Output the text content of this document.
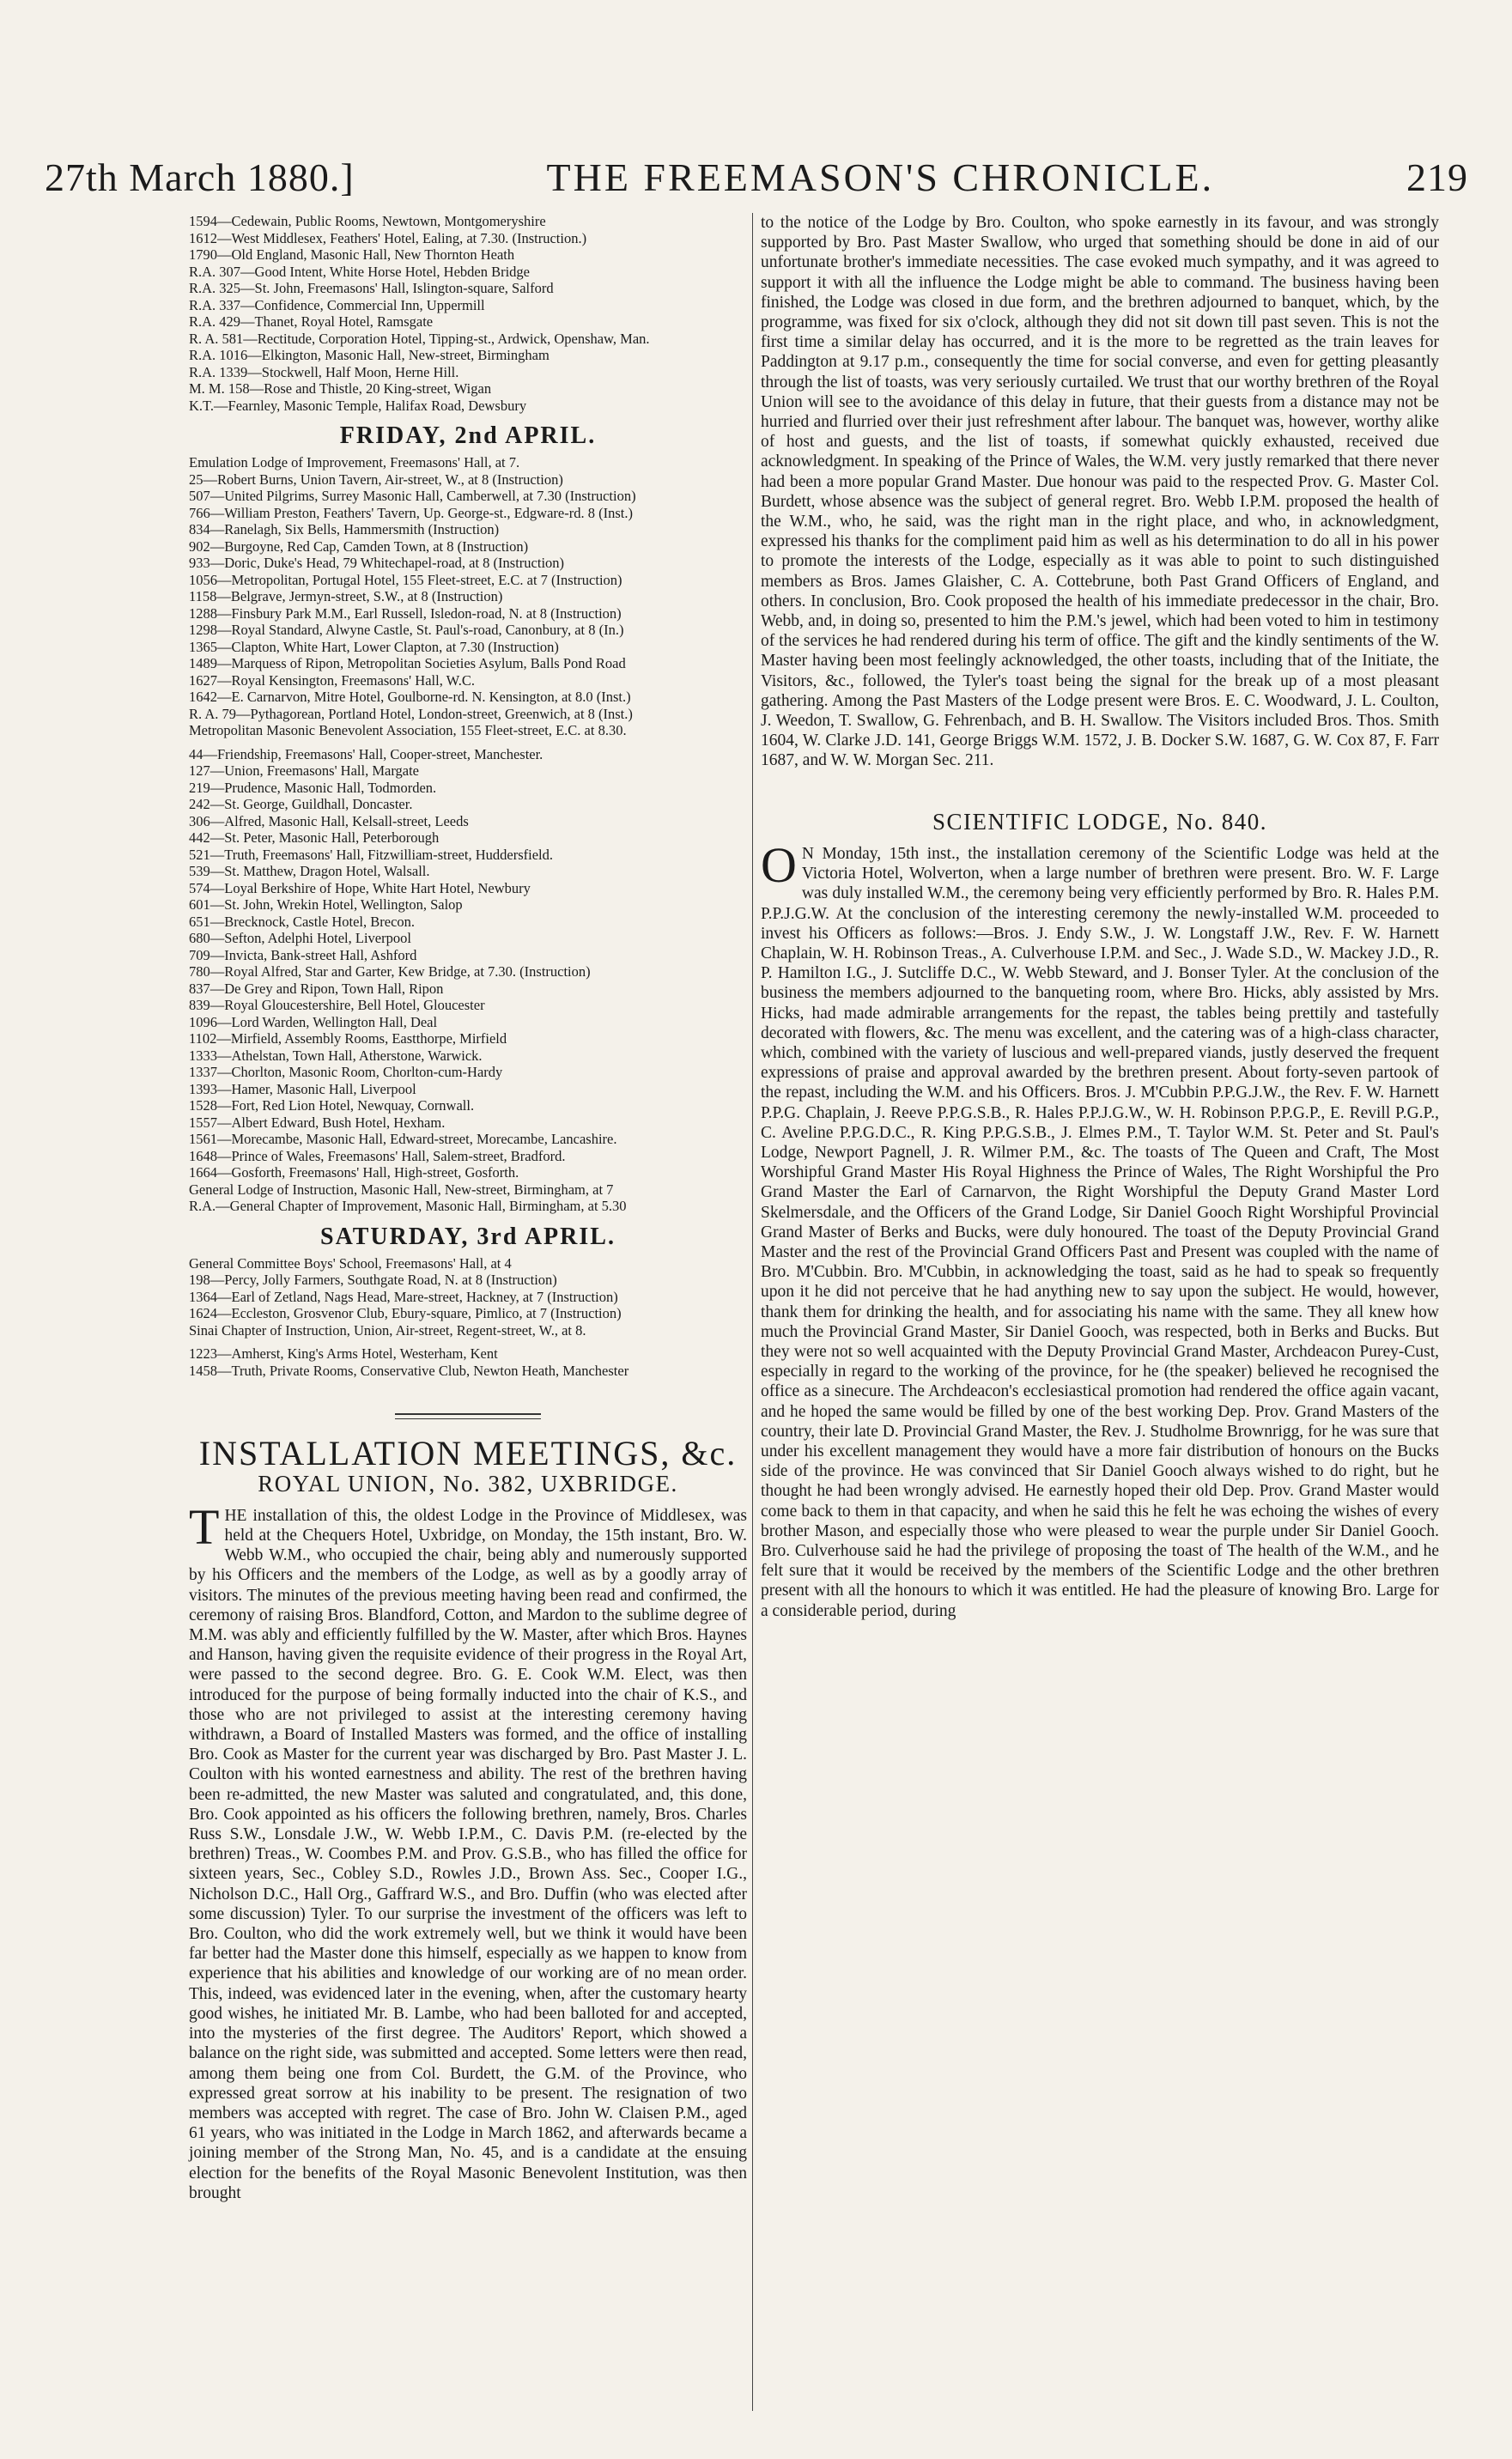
27th March 1880.]	THE FREEMASON'S CHRONICLE.	219
1594—Cedewain, Public Rooms, Newtown, Montgomeryshire
1612—West Middlesex, Feathers' Hotel, Ealing, at 7.30. (Instruction.)
1790—Old England, Masonic Hall, New Thornton Heath
R.A. 307—Good Intent, White Horse Hotel, Hebden Bridge
R.A. 325—St. John, Freemasons' Hall, Islington-square, Salford
R.A. 337—Confidence, Commercial Inn, Uppermill
R.A. 429—Thanet, Royal Hotel, Ramsgate
R. A. 581—Rectitude, Corporation Hotel, Tipping-st., Ardwick, Openshaw, Man.
R.A. 1016—Elkington, Masonic Hall, New-street, Birmingham
R.A. 1339—Stockwell, Half Moon, Herne Hill.
M. M. 158—Rose and Thistle, 20 King-street, Wigan
K.T.—Fearnley, Masonic Temple, Halifax Road, Dewsbury
FRIDAY, 2nd APRIL.
Emulation Lodge of Improvement, Freemasons' Hall, at 7.
25—Robert Burns, Union Tavern, Air-street, W., at 8 (Instruction)
507—United Pilgrims, Surrey Masonic Hall, Camberwell, at 7.30 (Instruction)
766—William Preston, Feathers' Tavern, Up. George-st., Edgware-rd. 8 (Inst.)
834—Ranelagh, Six Bells, Hammersmith (Instruction)
902—Burgoyne, Red Cap, Camden Town, at 8 (Instruction)
933—Doric, Duke's Head, 79 Whitechapel-road, at 8 (Instruction)
1056—Metropolitan, Portugal Hotel, 155 Fleet-street, E.C. at 7 (Instruction)
1158—Belgrave, Jermyn-street, S.W., at 8 (Instruction)
1288—Finsbury Park M.M., Earl Russell, Isledon-road, N. at 8 (Instruction)
1298—Royal Standard, Alwyne Castle, St. Paul's-road, Canonbury, at 8 (In.)
1365—Clapton, White Hart, Lower Clapton, at 7.30 (Instruction)
1489—Marquess of Ripon, Metropolitan Societies Asylum, Balls Pond Road
1627—Royal Kensington, Freemasons' Hall, W.C.
1642—E. Carnarvon, Mitre Hotel, Goulborne-rd. N. Kensington, at 8.0 (Inst.)
R. A. 79—Pythagorean, Portland Hotel, London-street, Greenwich, at 8 (Inst.)
Metropolitan Masonic Benevolent Association, 155 Fleet-street, E.C. at 8.30.
44—Friendship, Freemasons' Hall, Cooper-street, Manchester.
127—Union, Freemasons' Hall, Margate
219—Prudence, Masonic Hall, Todmorden.
242—St. George, Guildhall, Doncaster.
306—Alfred, Masonic Hall, Kelsall-street, Leeds
442—St. Peter, Masonic Hall, Peterborough
521—Truth, Freemasons' Hall, Fitzwilliam-street, Huddersfield.
539—St. Matthew, Dragon Hotel, Walsall.
574—Loyal Berkshire of Hope, White Hart Hotel, Newbury
601—St. John, Wrekin Hotel, Wellington, Salop
651—Brecknock, Castle Hotel, Brecon.
680—Sefton, Adelphi Hotel, Liverpool
709—Invicta, Bank-street Hall, Ashford
780—Royal Alfred, Star and Garter, Kew Bridge, at 7.30. (Instruction)
837—De Grey and Ripon, Town Hall, Ripon
839—Royal Gloucestershire, Bell Hotel, Gloucester
1096—Lord Warden, Wellington Hall, Deal
1102—Mirfield, Assembly Rooms, Eastthorpe, Mirfield
1333—Athelstan, Town Hall, Atherstone, Warwick.
1337—Chorlton, Masonic Room, Chorlton-cum-Hardy
1393—Hamer, Masonic Hall, Liverpool
1528—Fort, Red Lion Hotel, Newquay, Cornwall.
1557—Albert Edward, Bush Hotel, Hexham.
1561—Morecambe, Masonic Hall, Edward-street, Morecambe, Lancashire.
1648—Prince of Wales, Freemasons' Hall, Salem-street, Bradford.
1664—Gosforth, Freemasons' Hall, High-street, Gosforth.
General Lodge of Instruction, Masonic Hall, New-street, Birmingham, at 7
R.A.—General Chapter of Improvement, Masonic Hall, Birmingham, at 5.30
SATURDAY, 3rd APRIL.
General Committee Boys' School, Freemasons' Hall, at 4
198—Percy, Jolly Farmers, Southgate Road, N. at 8 (Instruction)
1364—Earl of Zetland, Nags Head, Mare-street, Hackney, at 7 (Instruction)
1624—Eccleston, Grosvenor Club, Ebury-square, Pimlico, at 7 (Instruction)
Sinai Chapter of Instruction, Union, Air-street, Regent-street, W., at 8.
1223—Amherst, King's Arms Hotel, Westerham, Kent
1458—Truth, Private Rooms, Conservative Club, Newton Heath, Manchester
INSTALLATION MEETINGS, &c.
ROYAL UNION, No. 382, UXBRIDGE.

THE installation of this, the oldest Lodge in the Province of Middlesex, was held at the Chequers Hotel, Uxbridge, on Monday, the 15th instant, Bro. W. Webb W.M., who occupied the chair, being ably and numerously supported by his Officers and the members of the Lodge, as well as by a goodly array of visitors. The minutes of the previous meeting having been read and confirmed, the ceremony of raising Bros. Blandford, Cotton, and Mardon to the sublime degree of M.M. was ably and efficiently fulfilled by the W. Master, after which Bros. Haynes and Hanson, having given the requisite evidence of their progress in the Royal Art, were passed to the second degree. Bro. G. E. Cook W.M. Elect, was then introduced for the purpose of being formally inducted into the chair of K.S., and those who are not privileged to assist at the interesting ceremony having withdrawn, a Board of Installed Masters was formed, and the office of installing Bro. Cook as Master for the current year was discharged by Bro. Past Master J. L. Coulton with his wonted earnestness and ability. The rest of the brethren having been re-admitted, the new Master was saluted and congratulated, and, this done, Bro. Cook appointed as his officers the following brethren, namely, Bros. Charles Russ S.W., Lonsdale J.W., W. Webb I.P.M., C. Davis P.M. (re-elected by the brethren) Treas., W. Coombes P.M. and Prov. G.S.B., who has filled the office for sixteen years, Sec., Cobley S.D., Rowles J.D., Brown Ass. Sec., Cooper I.G., Nicholson D.C., Hall Org., Gaffrard W.S., and Bro. Duffin (who was elected after some discussion) Tyler. To our surprise the investment of the officers was left to Bro. Coulton, who did the work extremely well, but we think it would have been far better had the Master done this himself, especially as we happen to know from experience that his abilities and knowledge of our working are of no mean order. This, indeed, was evidenced later in the evening, when, after the customary hearty good wishes, he initiated Mr. B. Lambe, who had been balloted for and accepted, into the mysteries of the first degree. The Auditors' Report, which showed a balance on the right side, was submitted and accepted. Some letters were then read, among them being one from Col. Burdett, the G.M. of the Province, who expressed great sorrow at his inability to be present. The resignation of two members was accepted with regret. The case of Bro. John W. Claisen P.M., aged 61 years, who was initiated in the Lodge in March 1862, and afterwards became a joining member of the Strong Man, No. 45, and is a candidate at the ensuing election for the benefits of the Royal Masonic Benevolent Institution, was then brought

to the notice of the Lodge by Bro. Coulton, who spoke earnestly in its favour, and was strongly supported by Bro. Past Master Swallow, who urged that something should be done in aid of our unfortunate brother's immediate necessities. The case evoked much sympathy, and it was agreed to support it with all the influence the Lodge might be able to command. The business having been finished, the Lodge was closed in due form, and the brethren adjourned to banquet, which, by the programme, was fixed for six o'clock, although they did not sit down till past seven. This is not the first time a similar delay has occurred, and it is the more to be regretted as the train leaves for Paddington at 9.17 p.m., consequently the time for social converse, and even for getting pleasantly through the list of toasts, was very seriously curtailed. We trust that our worthy brethren of the Royal Union will see to the avoidance of this delay in future, that their guests from a distance may not be hurried and flurried over their just refreshment after labour. The banquet was, however, worthy alike of host and guests, and the list of toasts, if somewhat quickly exhausted, received due acknowledgment. In speaking of the Prince of Wales, the W.M. very justly remarked that there never had been a more popular Grand Master. Due honour was paid to the respected Prov. G. Master Col. Burdett, whose absence was the subject of general regret. Bro. Webb I.P.M. proposed the health of the W.M., who, he said, was the right man in the right place, and who, in acknowledgment, expressed his thanks for the compliment paid him as well as his determination to do all in his power to promote the interests of the Lodge, especially as it was able to point to such distinguished members as Bros. James Glaisher, C. A. Cottebrune, both Past Grand Officers of England, and others. In conclusion, Bro. Cook proposed the health of his immediate predecessor in the chair, Bro. Webb, and, in doing so, presented to him the P.M.'s jewel, which had been voted to him in testimony of the services he had rendered during his term of office. The gift and the kindly sentiments of the W. Master having been most feelingly acknowledged, the other toasts, including that of the Initiate, the Visitors, &c., followed, the Tyler's toast being the signal for the break up of a most pleasant gathering. Among the Past Masters of the Lodge present were Bros. E. C. Woodward, J. L. Coulton, J. Weedon, T. Swallow, G. Fehrenbach, and B. H. Swallow. The Visitors included Bros. Thos. Smith 1604, W. Clarke J.D. 141, George Briggs W.M. 1572, J. B. Docker S.W. 1687, G. W. Cox 87, F. Farr 1687, and W. W. Morgan Sec. 211.

SCIENTIFIC LODGE, No. 840.

O N Monday, 15th inst., the installation ceremony of the Scientific Lodge was held at the Victoria Hotel, Wolverton, when a large number of brethren were present. Bro. W. F. Large was duly installed W.M., the ceremony being very efficiently performed by Bro. R. Hales P.M. P.P.J.G.W. At the conclusion of the interesting ceremony the newly-installed W.M. proceeded to invest his Officers as follows:—Bros. J. Endy S.W., J. W. Longstaff J.W., Rev. F. W. Harnett Chaplain, W. H. Robinson Treas., A. Culverhouse I.P.M. and Sec., J. Wade S.D., W. Mackey J.D., R. P. Hamilton I.G., J. Sutcliffe D.C., W. Webb Steward, and J. Bonser Tyler. At the conclusion of the business the members adjourned to the banqueting room, where Bro. Hicks, ably assisted by Mrs. Hicks, had made admirable arrangements for the repast, the tables being prettily and tastefully decorated with flowers, &c. The menu was excellent, and the catering was of a high-class character, which, combined with the variety of luscious and well-prepared viands, justly deserved the frequent expressions of praise and approval awarded by the brethren present. About forty-seven partook of the repast, including the W.M. and his Officers. Bros. J. M'Cubbin P.P.G.J.W., the Rev. F. W. Harnett P.P.G. Chaplain, J. Reeve P.P.G.S.B., R. Hales P.P.J.G.W., W. H. Robinson P.P.G.P., E. Revill P.G.P., C. Aveline P.P.G.D.C., R. King P.P.G.S.B., J. Elmes P.M., T. Taylor W.M. St. Peter and St. Paul's Lodge, Newport Pagnell, J. R. Wilmer P.M., &c. The toasts of The Queen and Craft, The Most Worshipful Grand Master His Royal Highness the Prince of Wales, The Right Worshipful the Pro Grand Master the Earl of Carnarvon, the Right Worshipful the Deputy Grand Master Lord Skelmersdale, and the Officers of the Grand Lodge, Sir Daniel Gooch Right Worshipful Provincial Grand Master of Berks and Bucks, were duly honoured. The toast of the Deputy Provincial Grand Master and the rest of the Provincial Grand Officers Past and Present was coupled with the name of Bro. M'Cubbin. Bro. M'Cubbin, in acknowledging the toast, said as he had to speak so frequently upon it he did not perceive that he had anything new to say upon the subject. He would, however, thank them for drinking the health, and for associating his name with the same. They all knew how much the Provincial Grand Master, Sir Daniel Gooch, was respected, both in Berks and Bucks. But they were not so well acquainted with the Deputy Provincial Grand Master, Archdeacon Purey-Cust, especially in regard to the working of the province, for he (the speaker) believed he recognised the office as a sinecure. The Archdeacon's ecclesiastical promotion had rendered the office again vacant, and he hoped the same would be filled by one of the best working Dep. Prov. Grand Masters of the country, their late D. Provincial Grand Master, the Rev. J. Studholme Brownrigg, for he was sure that under his excellent management they would have a more fair distribution of honours on the Bucks side of the province. He was convinced that Sir Daniel Gooch always wished to do right, but he thought he had been wrongly advised. He earnestly hoped their old Dep. Prov. Grand Master would come back to them in that capacity, and when he said this he felt he was echoing the wishes of every brother Mason, and especially those who were pleased to wear the purple under Sir Daniel Gooch. Bro. Culverhouse said he had the privilege of proposing the toast of The health of the W.M., and he felt sure that it would be received by the members of the Scientific Lodge and the other brethren present with all the honours to which it was entitled. He had the pleasure of knowing Bro. Large for a considerable period, during
